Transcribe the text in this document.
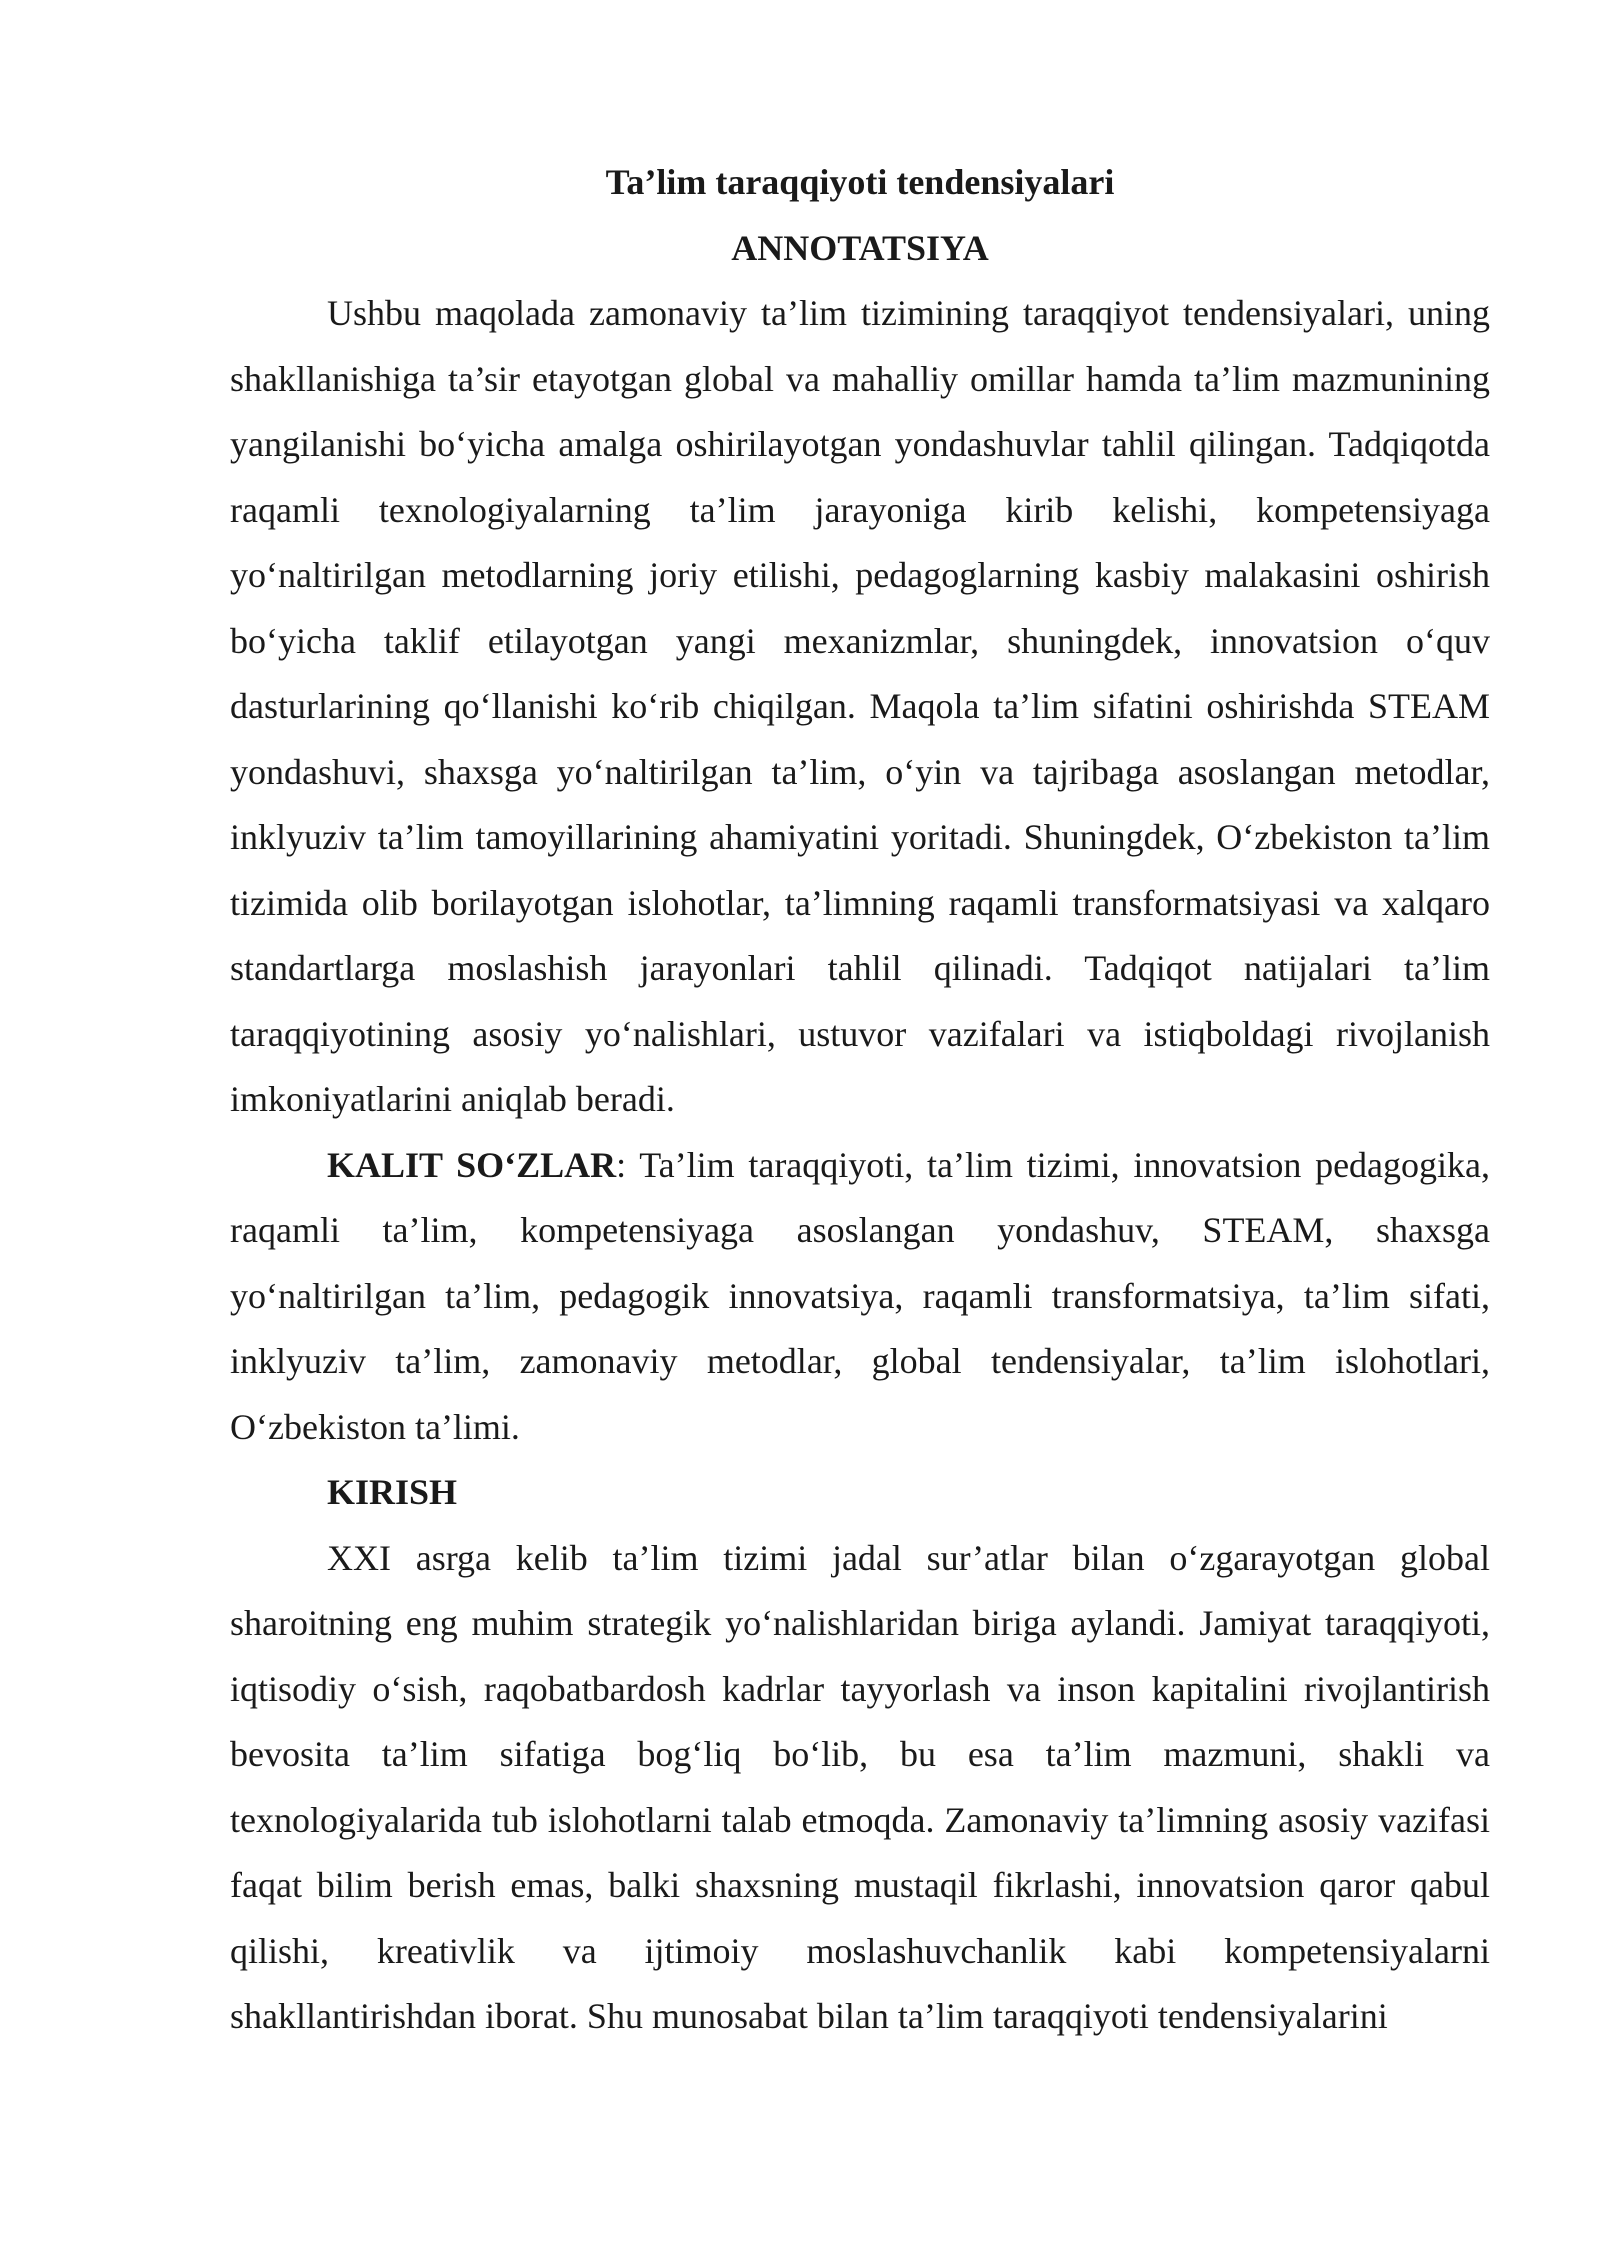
Ta’lim taraqqiyoti tendensiyalari

ANNOTATSIYA

Ushbu maqolada zamonaviy ta’lim tizimining taraqqiyot tendensiyalari, uning shakllanishiga ta’sir etayotgan global va mahalliy omillar hamda ta’lim mazmunining yangilanishi bo‘yicha amalga oshirilayotgan yondashuvlar tahlil qilingan. Tadqiqotda raqamli texnologiyalarning ta’lim jarayoniga kirib kelishi, kompetensiyaga yo‘naltirilgan metodlarning joriy etilishi, pedagoglarning kasbiy malakasini oshirish bo‘yicha taklif etilayotgan yangi mexanizmlar, shuningdek, innovatsion o‘quv dasturlarining qo‘llanishi ko‘rib chiqilgan. Maqola ta’lim sifatini oshirishda STEAM yondashuvi, shaxsga yo‘naltirilgan ta’lim, o‘yin va tajribaga asoslangan metodlar, inklyuziv ta’lim tamoyillarining ahamiyatini yoritadi. Shuningdek, O‘zbekiston ta’lim tizimida olib borilayotgan islohotlar, ta’limning raqamli transformatsiyasi va xalqaro standartlarga moslashish jarayonlari tahlil qilinadi. Tadqiqot natijalari ta’lim taraqqiyotining asosiy yo‘nalishlari, ustuvor vazifalari va istiqboldagi rivojlanish imkoniyatlarini aniqlab beradi.

KALIT SO‘ZLAR: Ta’lim taraqqiyoti, ta’lim tizimi, innovatsion pedagogika, raqamli ta’lim, kompetensiyaga asoslangan yondashuv, STEAM, shaxsga yo‘naltirilgan ta’lim, pedagogik innovatsiya, raqamli transformatsiya, ta’lim sifati, inklyuziv ta’lim, zamonaviy metodlar, global tendensiyalar, ta’lim islohotlari, O‘zbekiston ta’limi.

KIRISH

XXI asrga kelib ta’lim tizimi jadal sur’atlar bilan o‘zgarayotgan global sharoitning eng muhim strategik yo‘nalishlaridan biriga aylandi. Jamiyat taraqqiyoti, iqtisodiy o‘sish, raqobatbardosh kadrlar tayyorlash va inson kapitalini rivojlantirish bevosita ta’lim sifatiga bog‘liq bo‘lib, bu esa ta’lim mazmuni, shakli va texnologiyalarida tub islohotlarni talab etmoqda. Zamonaviy ta’limning asosiy vazifasi faqat bilim berish emas, balki shaxsning mustaqil fikrlashi, innovatsion qaror qabul qilishi, kreativlik va ijtimoiy moslashuvchanlik kabi kompetensiyalarni shakllantirishdan iborat. Shu munosabat bilan ta’lim taraqqiyoti tendensiyalarini
